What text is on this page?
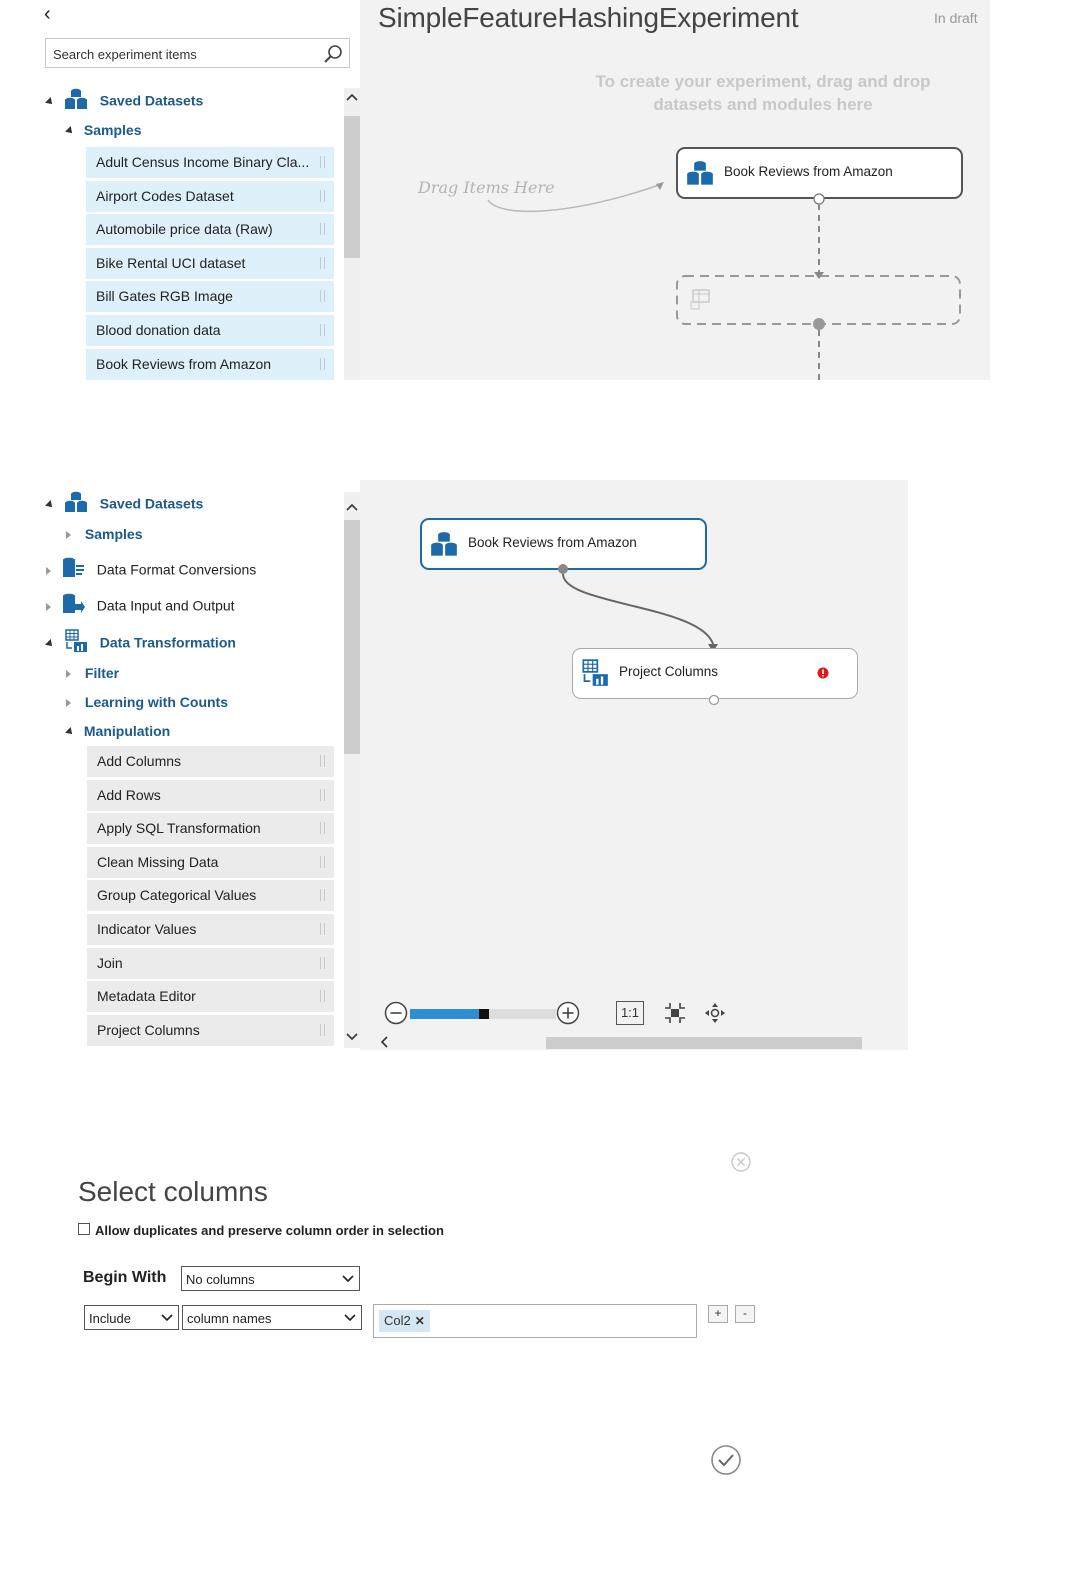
‹
Search experiment items
Saved Datasets
Samples
Adult Census Income Binary Cla...
Airport Codes Dataset
Automobile price data (Raw)
Bike Rental UCI dataset
Bill Gates RGB Image
Blood donation data
Book Reviews from Amazon
SimpleFeatureHashingExperiment	In draft
To create your experiment, drag and drop
datasets and modules here
Drag Items Here
Book Reviews from Amazon
Saved Datasets
Samples
Data Format Conversions
Data Input and Output
Data Transformation
Filter
Learning with Counts
Manipulation
Add Columns
Add Rows
Apply SQL Transformation
Clean Missing Data
Group Categorical Values
Indicator Values
Join
Metadata Editor
Project Columns
Book Reviews from Amazon
Project Columns
1:1
Select columns
Allow duplicates and preserve column order in selection
Begin With No columns
Include	column names	Col2 ✕
+	-
